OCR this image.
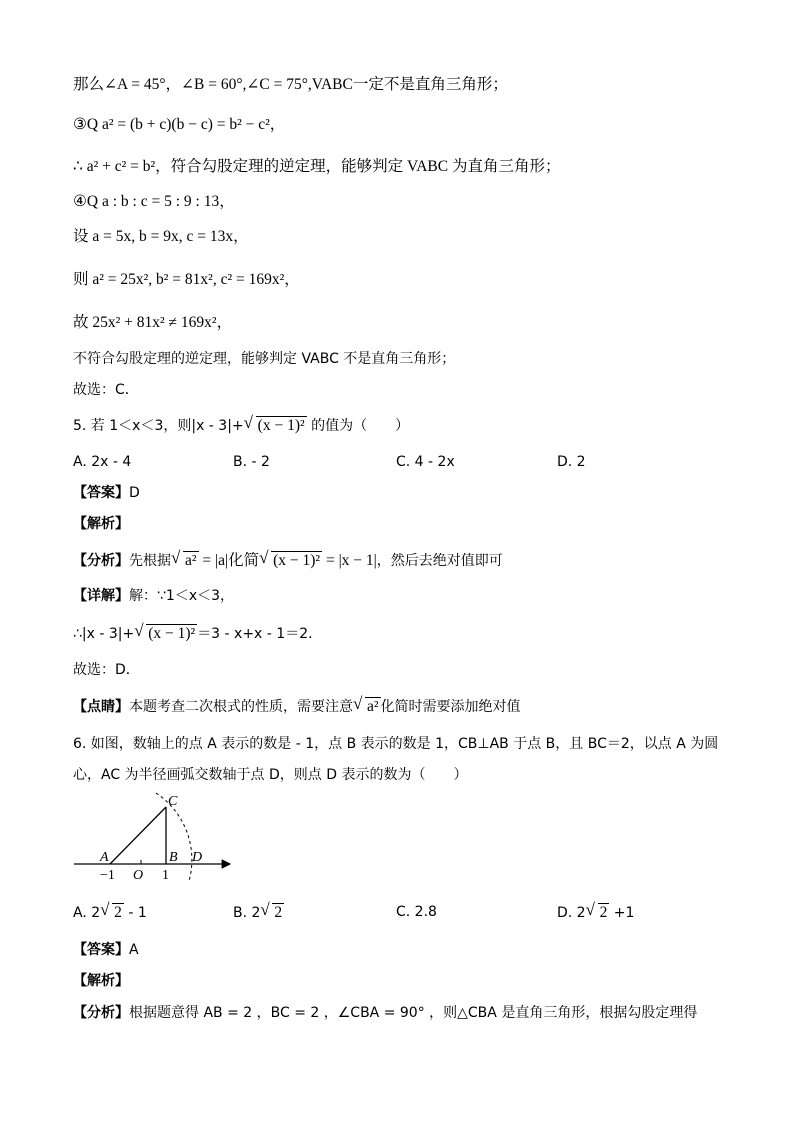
那么∠A = 45°，∠B = 60°,∠C = 75°,VABC一定不是直角三角形；
③Q a² = (b + c)(b − c) = b² − c²，
∴ a² + c² = b²，符合勾股定理的逆定理，能够判定 VABC 为直角三角形；
④Q a : b : c = 5 : 9 : 13，
设 a = 5x, b = 9x, c = 13x，
则 a² = 25x², b² = 81x², c² = 169x²，
故 25x² + 81x² ≠ 169x²，
不符合勾股定理的逆定理，能够判定 VABC 不是直角三角形；
故选：C．
5. 若 1＜x＜3，则|x - 3|+ √ (x − 1)² 的值为（　　）
A. 2x - 4	B. - 2	C. 4 - 2x	D. 2
【答案】D
【解析】
【分析】先根据 √ a² = |a|化简 √ (x − 1)² = |x − 1|，然后去绝对值即可
【详解】解：∵1＜x＜3，
∴|x - 3|+ √ (x − 1)² ＝3 - x+x - 1＝2．
故选：D．
【点睛】本题考查二次根式的性质，需要注意 √ a² 化简时需要添加绝对值
6. 如图，数轴上的点 A 表示的数是 - 1，点 B 表示的数是 1，CB⊥AB 于点 B，且 BC＝2，以点 A 为圆
心，AC 为半径画弧交数轴于点 D，则点 D 表示的数为（　　）
C
A	B D
O
−1	1
A. 2 √ 2 - 1	B. 2 √ 2	C. 2.8	D. 2 √ 2 +1
【答案】A
【解析】
【分析】根据题意得 AB = 2 ，BC = 2 ，∠CBA = 90° ，则△CBA 是直角三角形，根据勾股定理得
